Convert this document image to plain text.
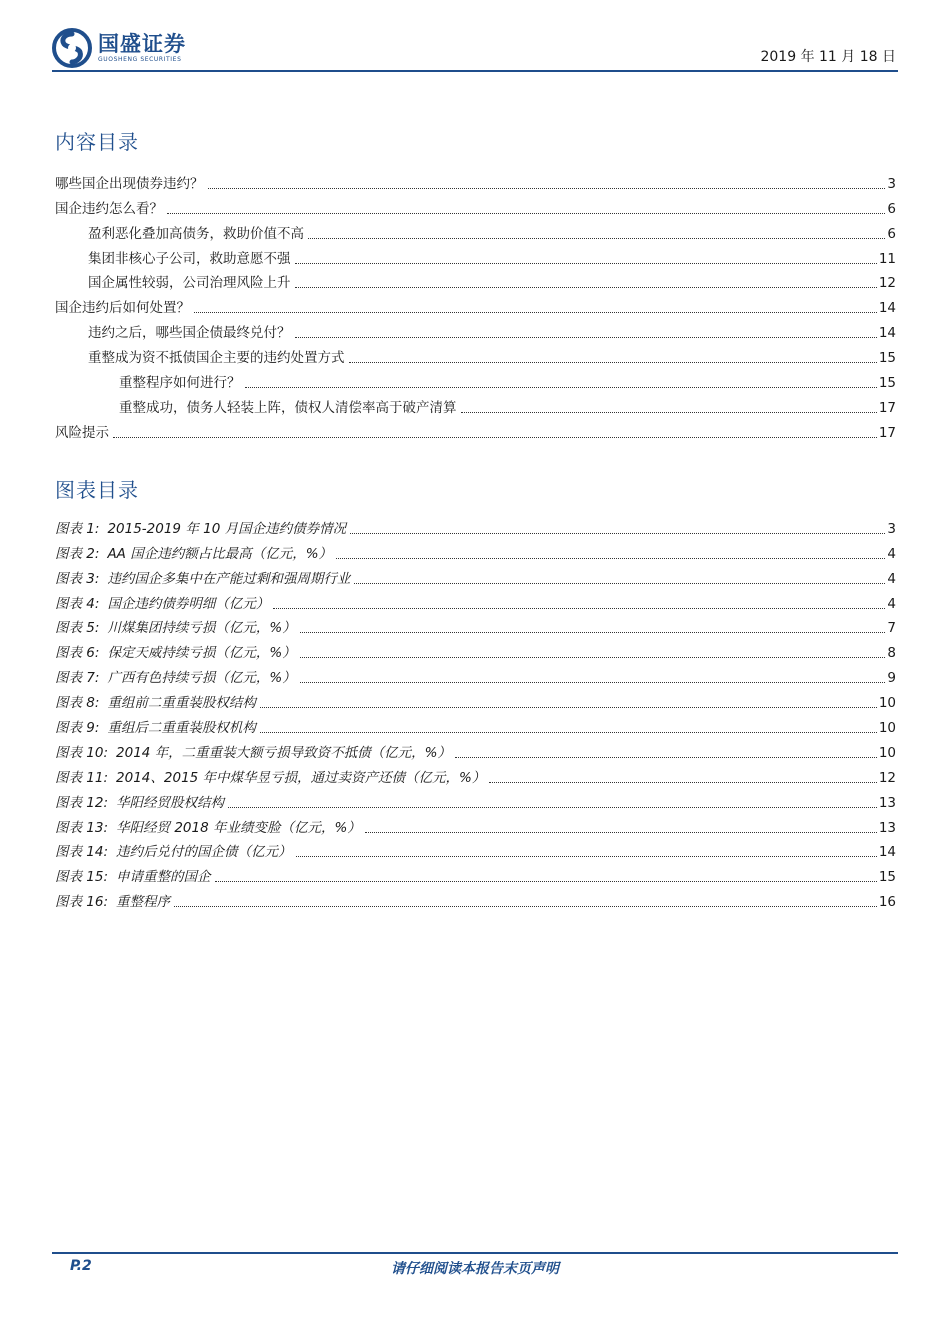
国盛证券
GUOSHENG SECURITIES	2019 年 11 月 18 日
内容目录
哪些国企出现债券违约？	3
国企违约怎么看？	6
盈利恶化叠加高债务，救助价值不高	6
集团非核心子公司，救助意愿不强	11
国企属性较弱，公司治理风险上升	12
国企违约后如何处置？	14
违约之后，哪些国企债最终兑付？	14
重整成为资不抵债国企主要的违约处置方式	15
重整程序如何进行？	15
重整成功，债务人轻装上阵，债权人清偿率高于破产清算	17
风险提示	17
图表目录
图表 1: 2015-2019 年 10 月国企违约债券情况	3
图表 2: AA 国企违约额占比最高（亿元，%）	4
图表 3: 违约国企多集中在产能过剩和强周期行业	4
图表 4: 国企违约债券明细（亿元）	4
图表 5: 川煤集团持续亏损（亿元，%）	7
图表 6: 保定天威持续亏损（亿元，%）	8
图表 7: 广西有色持续亏损（亿元，%）	9
图表 8: 重组前二重重装股权结构	10
图表 9: 重组后二重重装股权机构	10
图表 10: 2014 年，二重重装大额亏损导致资不抵债（亿元，%）	10
图表 11: 2014、2015 年中煤华昱亏损，通过卖资产还债（亿元，%）	12
图表 12: 华阳经贸股权结构	13
图表 13: 华阳经贸 2018 年业绩变脸（亿元，%）	13
图表 14: 违约后兑付的国企债（亿元）	14
图表 15: 申请重整的国企	15
图表 16: 重整程序	16
请仔细阅读本报告末页声明
P.2
